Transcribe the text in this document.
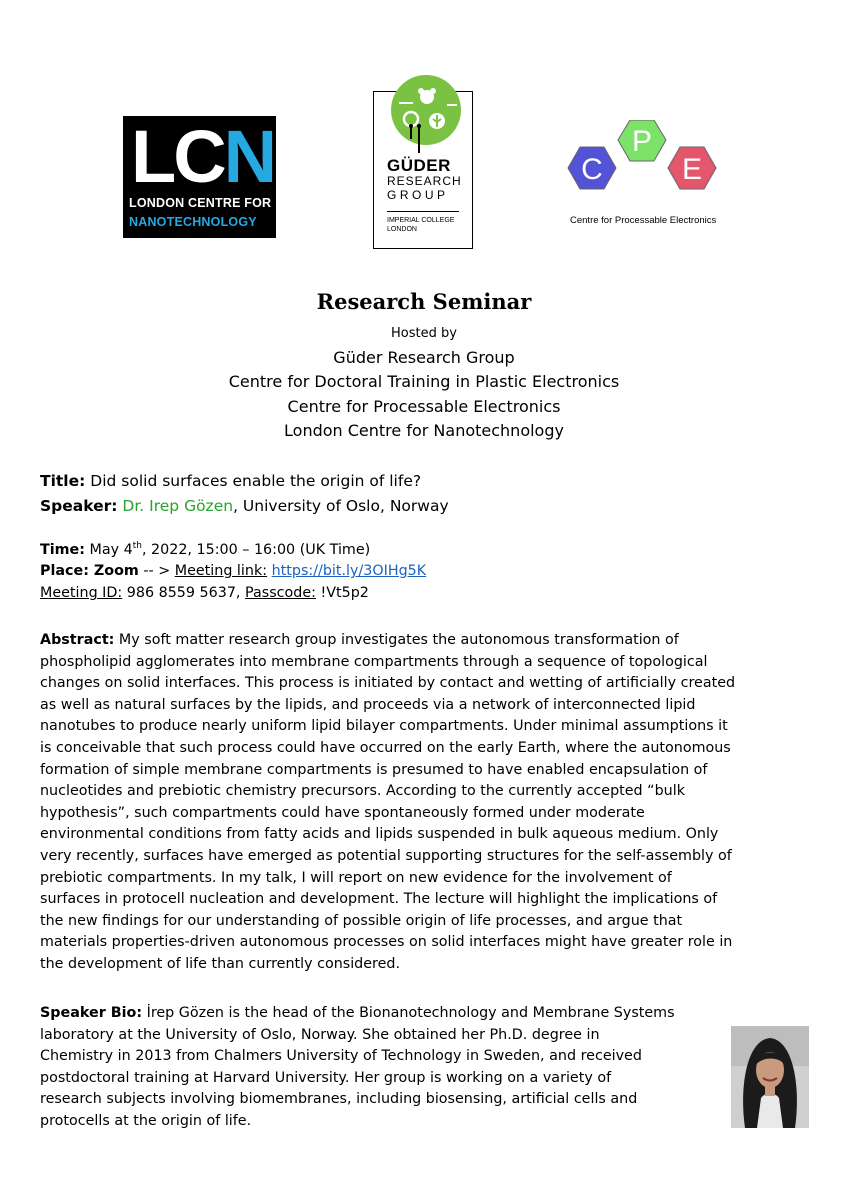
LCN
LONDON CENTRE FOR
NANOTECHNOLOGY
GÜDER
RESEARCH
GROUP
IMPERIAL COLLEGE
LONDON
C
P
E
Centre for Processable Electronics
Research Seminar
Hosted by
Güder Research Group
Centre for Doctoral Training in Plastic Electronics
Centre for Processable Electronics
London Centre for Nanotechnology
Title: Did solid surfaces enable the origin of life?
Speaker: Dr. Irep Gözen, University of Oslo, Norway
Time: May 4th, 2022, 15:00 – 16:00 (UK Time)
Place: Zoom -- > Meeting link: https://bit.ly/3OIHg5K
Meeting ID: 986 8559 5637, Passcode: !Vt5p2
Abstract: My soft matter research group investigates the autonomous transformation of
phospholipid agglomerates into membrane compartments through a sequence of topological
changes on solid interfaces. This process is initiated by contact and wetting of artificially created
as well as natural surfaces by the lipids, and proceeds via a network of interconnected lipid
nanotubes to produce nearly uniform lipid bilayer compartments. Under minimal assumptions it
is conceivable that such process could have occurred on the early Earth, where the autonomous
formation of simple membrane compartments is presumed to have enabled encapsulation of
nucleotides and prebiotic chemistry precursors. According to the currently accepted “bulk
hypothesis”, such compartments could have spontaneously formed under moderate
environmental conditions from fatty acids and lipids suspended in bulk aqueous medium. Only
very recently, surfaces have emerged as potential supporting structures for the self-assembly of
prebiotic compartments. In my talk, I will report on new evidence for the involvement of
surfaces in protocell nucleation and development. The lecture will highlight the implications of
the new findings for our understanding of possible origin of life processes, and argue that
materials properties-driven autonomous processes on solid interfaces might have greater role in
the development of life than currently considered.
Speaker Bio: İrep Gözen is the head of the Bionanotechnology and Membrane Systems
laboratory at the University of Oslo, Norway. She obtained her Ph.D. degree in
Chemistry in 2013 from Chalmers University of Technology in Sweden, and received
postdoctoral training at Harvard University. Her group is working on a variety of
research subjects involving biomembranes, including biosensing, artificial cells and
protocells at the origin of life.
